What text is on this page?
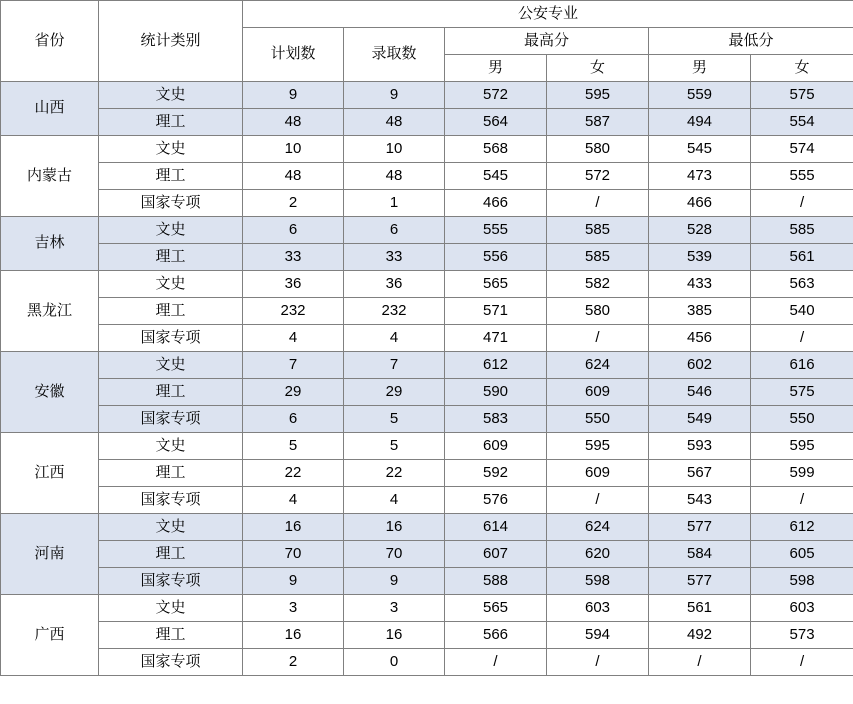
省份	统计类别	公安专业					
		计划数	录取数	最高分		最低分	
				男	女	男	女
山西	文史	9	9	572	595	559	575
	理工	48	48	564	587	494	554
内蒙古	文史	10	10	568	580	545	574
	理工	48	48	545	572	473	555
	国家专项	2	1	466	/	466	/
吉林	文史	6	6	555	585	528	585
	理工	33	33	556	585	539	561
黑龙江	文史	36	36	565	582	433	563
	理工	232	232	571	580	385	540
	国家专项	4	4	471	/	456	/
安徽	文史	7	7	612	624	602	616
	理工	29	29	590	609	546	575
	国家专项	6	5	583	550	549	550
江西	文史	5	5	609	595	593	595
	理工	22	22	592	609	567	599
	国家专项	4	4	576	/	543	/
河南	文史	16	16	614	624	577	612
	理工	70	70	607	620	584	605
	国家专项	9	9	588	598	577	598
广西	文史	3	3	565	603	561	603
	理工	16	16	566	594	492	573
	国家专项	2	0	/	/	/	/
